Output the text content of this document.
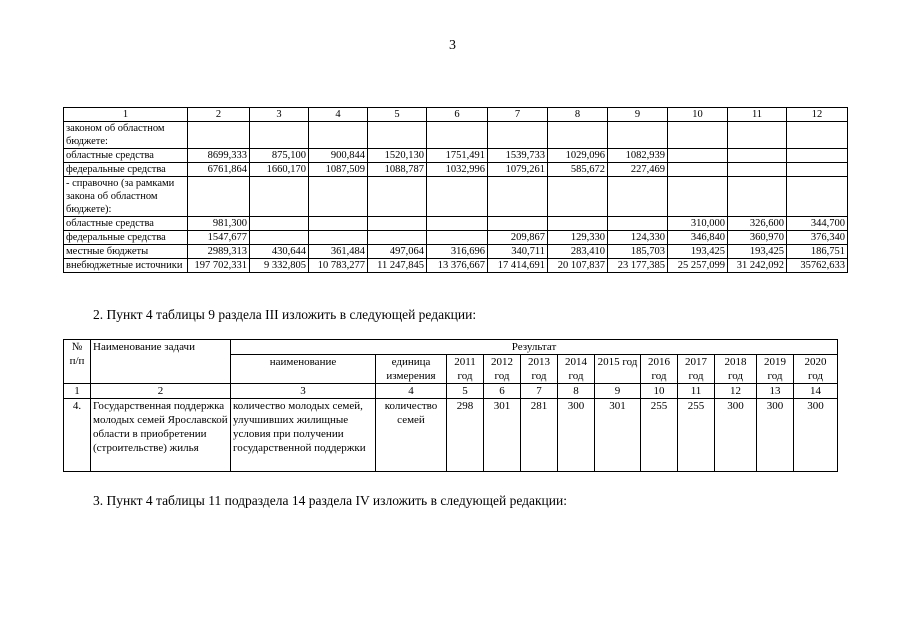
3
1	2	3	4	5	6	7	8	9	10	11	12
законом об областном бюджете:											
областные средства	8699,333	875,100	900,844	1520,130	1751,491	1539,733	1029,096	1082,939			
федеральные средства	6761,864	1660,170	1087,509	1088,787	1032,996	1079,261	585,672	227,469			
- справочно (за рамками закона об областном бюджете):											
областные средства	981,300								310,000	326,600	344,700
федеральные средства	1547,677					209,867	129,330	124,330	346,840	360,970	376,340
местные бюджеты	2989,313	430,644	361,484	497,064	316,696	340,711	283,410	185,703	193,425	193,425	186,751
внебюджетные источники	197 702,331	9 332,805	10 783,277	11 247,845	13 376,667	17 414,691	20 107,837	23 177,385	25 257,099	31 242,092	35762,633
2. Пункт 4 таблицы 9 раздела III изложить в следующей редакции:
№ п/п	Наименование задачи	Результат											
		наименование	единица измерения	2011 год	2012 год	2013 год	2014 год	2015 год	2016 год	2017 год	2018 год	2019 год	2020 год
1	2	3	4	5	6	7	8	9	10	11	12	13	14
4.	Государственная поддержка молодых семей Ярославской области в приобретении (строительстве) жилья	количество молодых семей, улучшивших жилищные условия при получении государственной поддержки	количество семей	298	301	281	300	301	255	255	300	300	300
3. Пункт 4 таблицы 11 подраздела 14 раздела IV изложить в следующей редакции:
